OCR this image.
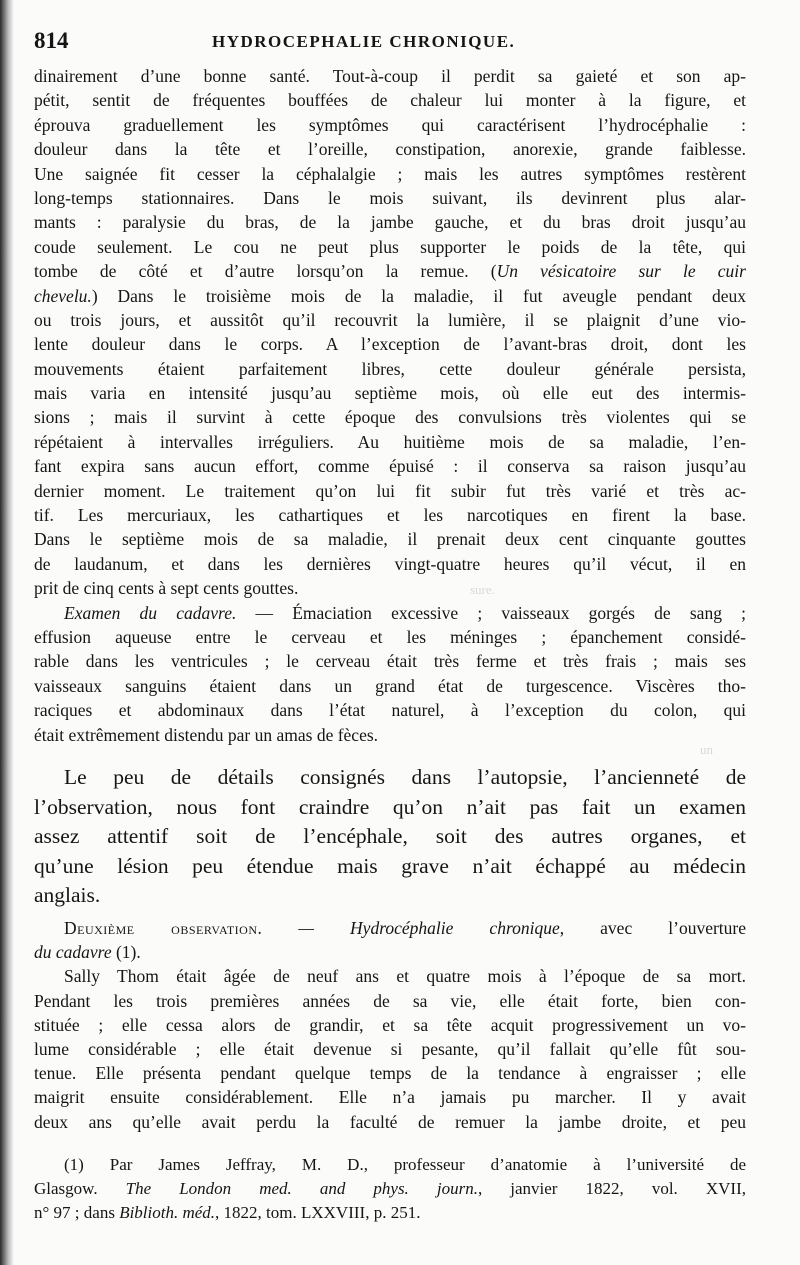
sure.
un
814	HYDROCEPHALIE CHRONIQUE.
dinairement d’une bonne santé. Tout-à-coup il perdit sa gaieté et son ap-
pétit, sentit de fréquentes bouffées de chaleur lui monter à la figure, et
éprouva graduellement les symptômes qui caractérisent l’hydrocéphalie :
douleur dans la tête et l’oreille, constipation, anorexie, grande faiblesse.
Une saignée fit cesser la céphalalgie ; mais les autres symptômes restèrent
long-temps stationnaires. Dans le mois suivant, ils devinrent plus alar-
mants : paralysie du bras, de la jambe gauche, et du bras droit jusqu’au
coude seulement. Le cou ne peut plus supporter le poids de la tête, qui
tombe de côté et d’autre lorsqu’on la remue. (Un vésicatoire sur le cuir
chevelu.) Dans le troisième mois de la maladie, il fut aveugle pendant deux
ou trois jours, et aussitôt qu’il recouvrit la lumière, il se plaignit d’une vio-
lente douleur dans le corps. A l’exception de l’avant-bras droit, dont les
mouvements étaient parfaitement libres, cette douleur générale persista,
mais varia en intensité jusqu’au septième mois, où elle eut des intermis-
sions ; mais il survint à cette époque des convulsions très violentes qui se
répétaient à intervalles irréguliers. Au huitième mois de sa maladie, l’en-
fant expira sans aucun effort, comme épuisé : il conserva sa raison jusqu’au
dernier moment. Le traitement qu’on lui fit subir fut très varié et très ac-
tif. Les mercuriaux, les cathartiques et les narcotiques en firent la base.
Dans le septième mois de sa maladie, il prenait deux cent cinquante gouttes
de laudanum, et dans les dernières vingt-quatre heures qu’il vécut, il en
prit de cinq cents à sept cents gouttes.
Examen du cadavre. — Émaciation excessive ; vaisseaux gorgés de sang ;
effusion aqueuse entre le cerveau et les méninges ; épanchement considé-
rable dans les ventricules ; le cerveau était très ferme et très frais ; mais ses
vaisseaux sanguins étaient dans un grand état de turgescence. Viscères tho-
raciques et abdominaux dans l’état naturel, à l’exception du colon, qui
était extrêmement distendu par un amas de fèces.
Le peu de détails consignés dans l’autopsie, l’ancienneté de
l’observation, nous font craindre qu’on n’ait pas fait un examen
assez attentif soit de l’encéphale, soit des autres organes, et
qu’une lésion peu étendue mais grave n’ait échappé au médecin
anglais.
Deuxième observation. — Hydrocéphalie chronique, avec l’ouverture
du cadavre (1).
Sally Thom était âgée de neuf ans et quatre mois à l’époque de sa mort.
Pendant les trois premières années de sa vie, elle était forte, bien con-
stituée ; elle cessa alors de grandir, et sa tête acquit progressivement un vo-
lume considérable ; elle était devenue si pesante, qu’il fallait qu’elle fût sou-
tenue. Elle présenta pendant quelque temps de la tendance à engraisser ; elle
maigrit ensuite considérablement. Elle n’a jamais pu marcher. Il y avait
deux ans qu’elle avait perdu la faculté de remuer la jambe droite, et peu
(1) Par James Jeffray, M. D., professeur d’anatomie à l’université de
Glasgow. The London med. and phys. journ., janvier 1822, vol. XVII,
n° 97 ; dans Biblioth. méd., 1822, tom. LXXVIII, p. 251.
